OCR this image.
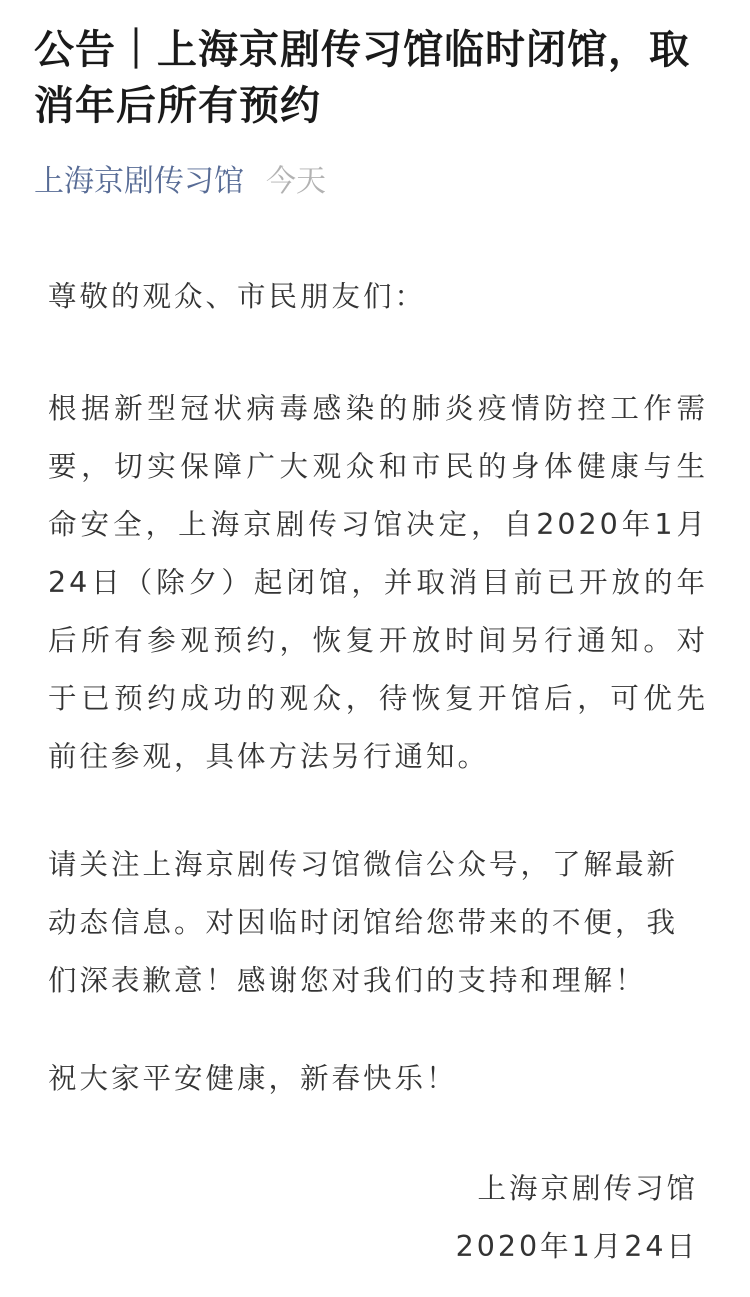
公告｜上海京剧传习馆临时闭馆，取消年后所有预约
上海京剧传习馆 今天

尊敬的观众、市民朋友们：

根据新型冠状病毒感染的肺炎疫情防控工作需要，切实保障广大观众和市民的身体健康与生命安全，上海京剧传习馆决定，自2020年1月24日（除夕）起闭馆，并取消目前已开放的年后所有参观预约，恢复开放时间另行通知。对于已预约成功的观众，待恢复开馆后，可优先前往参观，具体方法另行通知。

请关注上海京剧传习馆微信公众号，了解最新动态信息。对因临时闭馆给您带来的不便，我们深表歉意！感谢您对我们的支持和理解！

祝大家平安健康，新春快乐！

上海京剧传习馆

2020年1月24日
